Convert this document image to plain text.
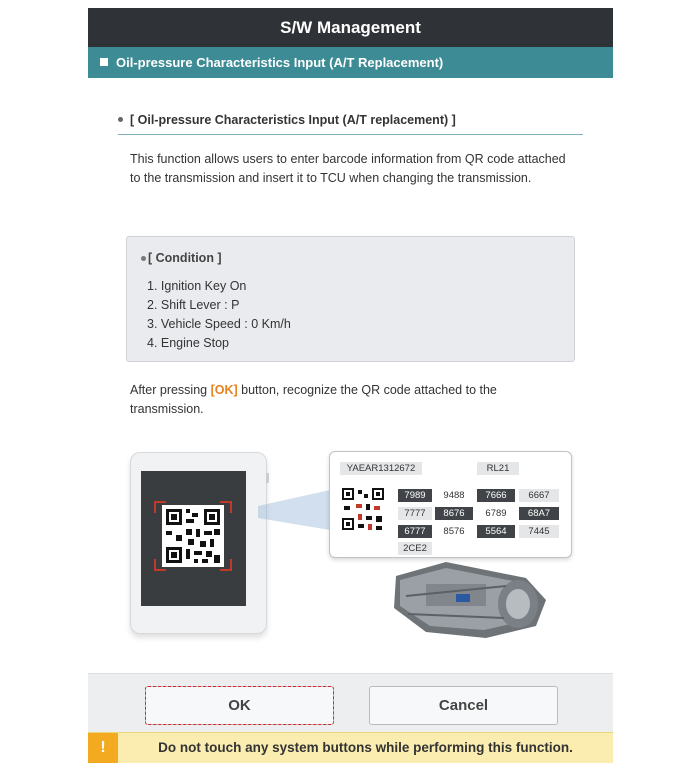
S/W Management
Oil-pressure Characteristics Input (A/T Replacement)
[ Oil-pressure Characteristics Input (A/T replacement) ]
This function allows users to enter barcode information from QR code attached to the transmission and insert it to TCU when changing the transmission.
[ Condition ]
1. Ignition Key On
2. Shift Lever : P
3. Vehicle Speed : 0 Km/h
4. Engine Stop
After pressing [OK] button, recognize the QR code attached to the transmission.
YAEAR1312672	RL21
7989	9488	7666	6667
7777	8676	6789	68A7
6777	8576	5564	7445
2CE2
OK	Cancel
!	Do not touch any system buttons while performing this function.
